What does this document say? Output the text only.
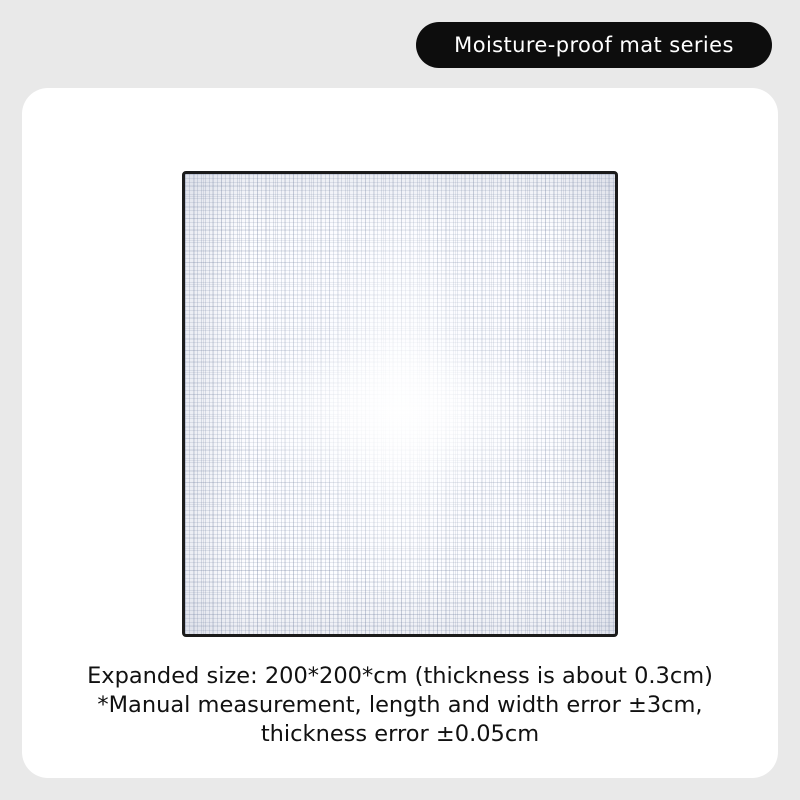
Moisture-proof mat series
Expanded size: 200*200*cm (thickness is about 0.3cm)
*Manual measurement, length and width error ±3cm,
thickness error ±0.05cm
